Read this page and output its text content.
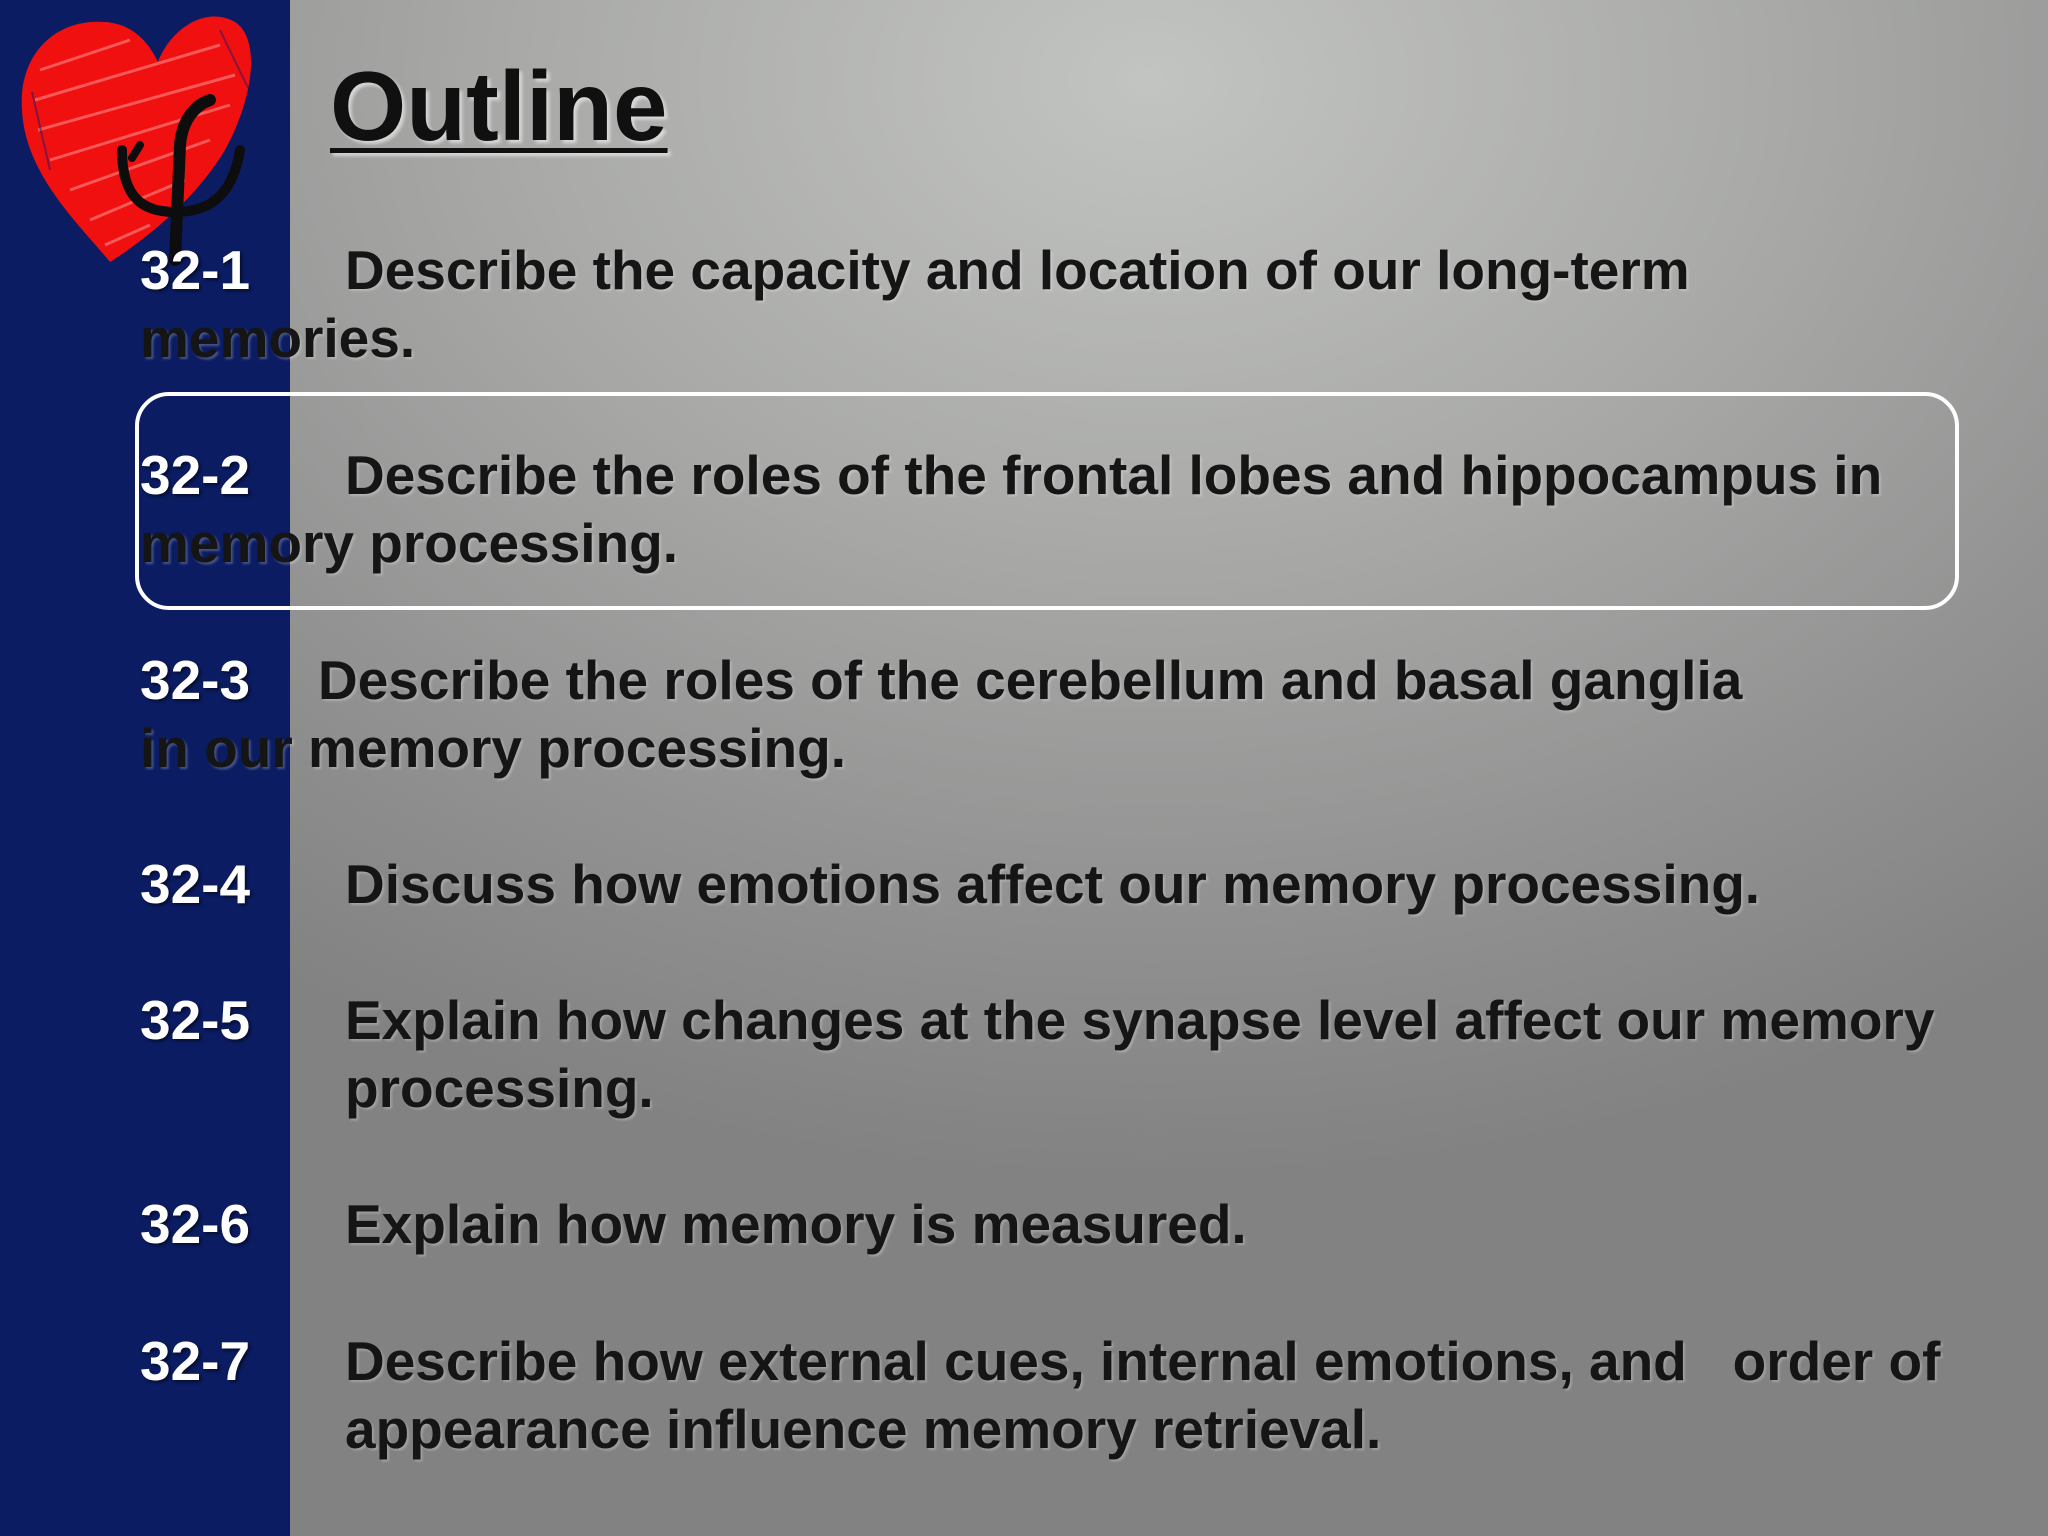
Outline
32-1 Describe the capacity and location of our long-term
memories.
32-2 Describe the roles of the frontal lobes and hippocampus in
memory processing.
32-3 Describe the roles of the cerebellum and basal ganglia
in our memory processing.
32-4 Discuss how emotions affect our memory processing.
32-5 Explain how changes at the synapse level affect our memory
processing.
32-6 Explain how memory is measured.
32-7 Describe how external cues, internal emotions, and   order of
appearance influence memory retrieval.
